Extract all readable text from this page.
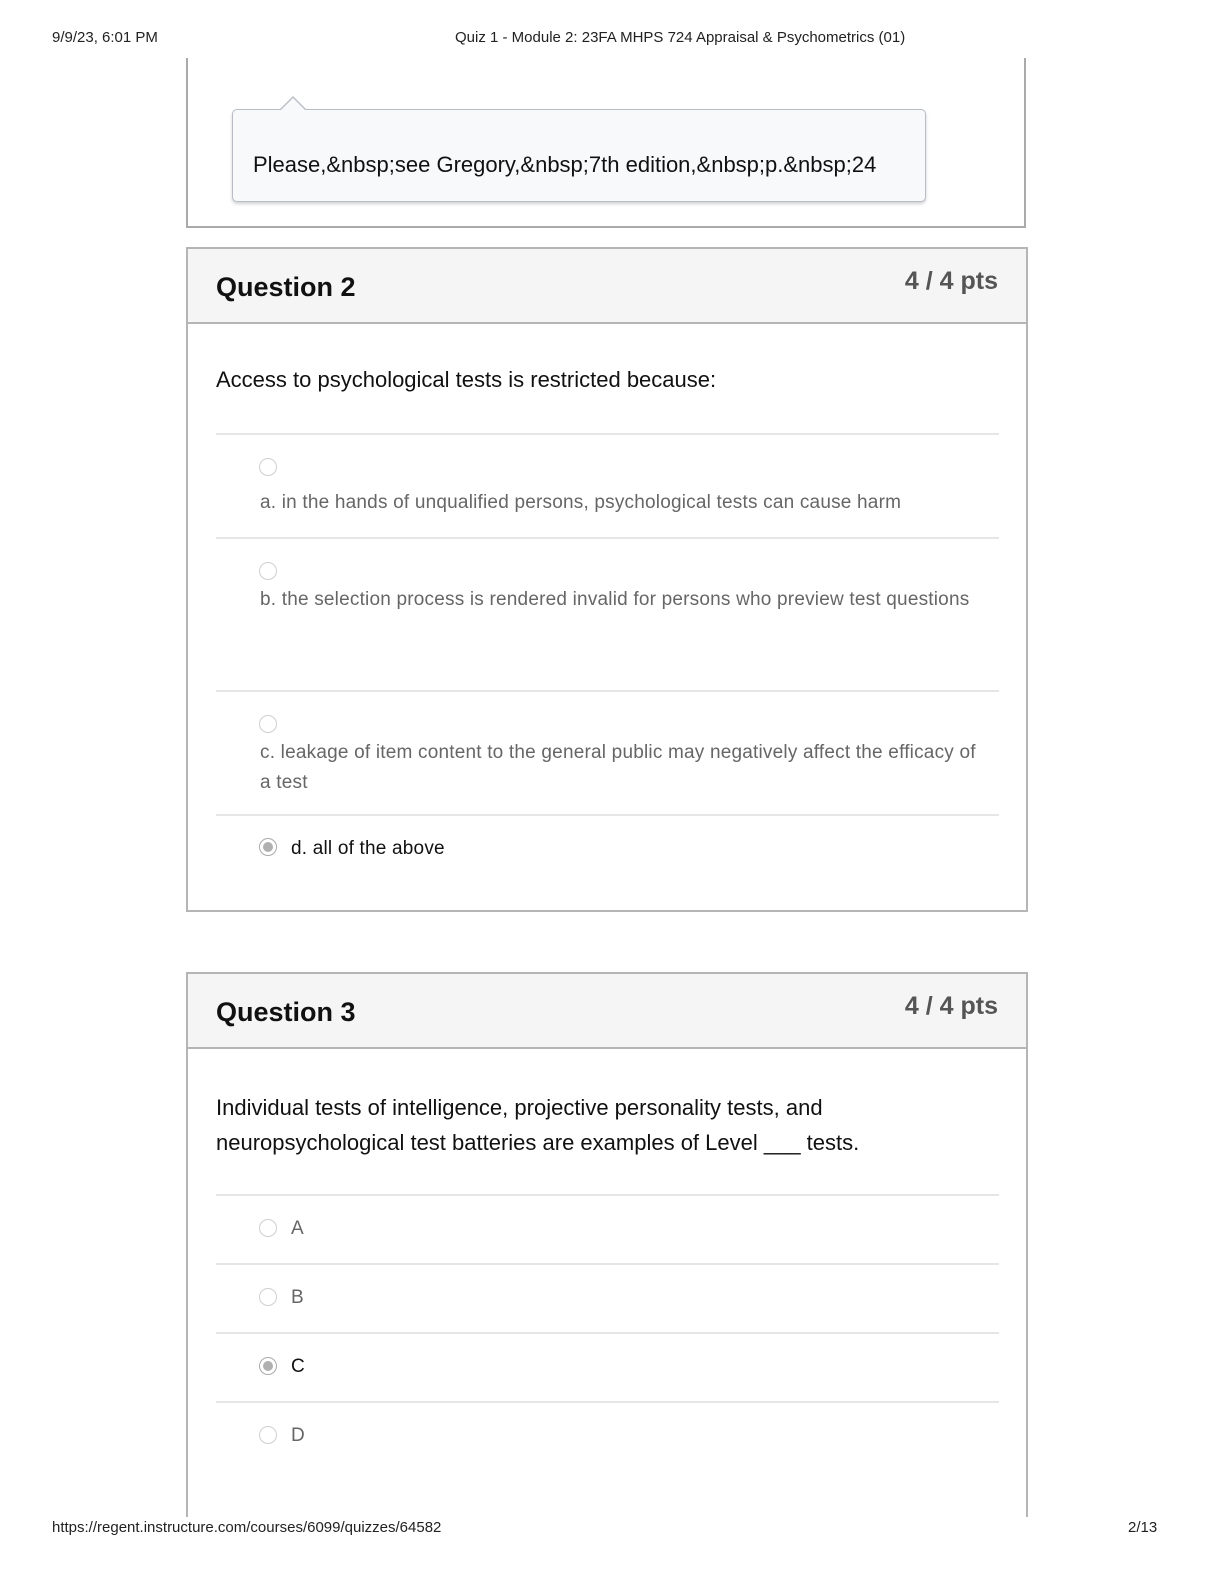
9/9/23, 6:01 PM	Quiz 1 - Module 2: 23FA MHPS 724 Appraisal & Psychometrics (01)
Please,&nbsp;see Gregory,&nbsp;7th edition,&nbsp;p.&nbsp;24
Question 2	4 / 4 pts
Access to psychological tests is restricted because:
a. in the hands of unqualified persons, psychological tests can cause harm
b. the selection process is rendered invalid for persons who preview test questions
c. leakage of item content to the general public may negatively affect the efficacy of a test
d. all of the above
Question 3	4 / 4 pts
Individual tests of intelligence, projective personality tests, and neuropsychological test batteries are examples of Level ___ tests.
A
B
C
D
https://regent.instructure.com/courses/6099/quizzes/64582	2/13
